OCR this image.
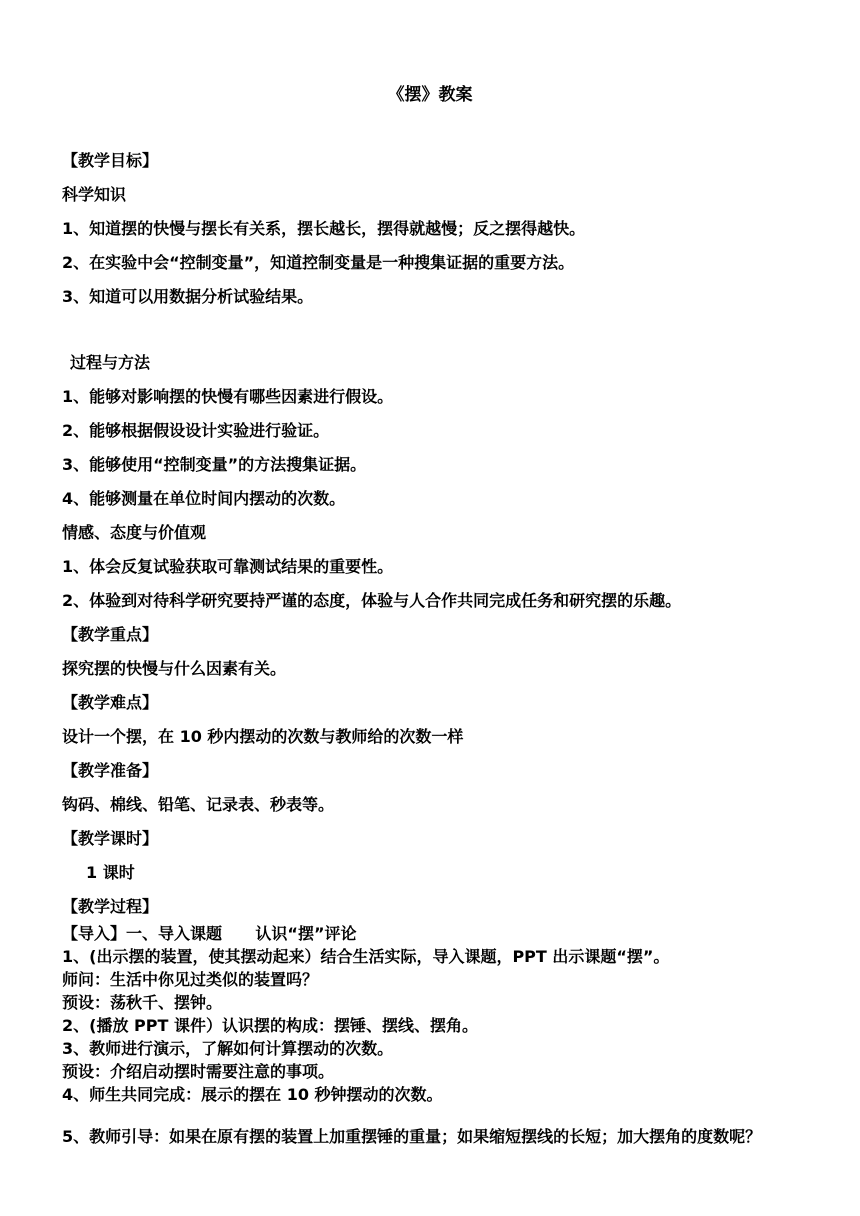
《摆》教案
【教学目标】
科学知识
1、知道摆的快慢与摆长有关系，摆长越长，摆得就越慢；反之摆得越快。
2、在实验中会“控制变量”，知道控制变量是一种搜集证据的重要方法。
3、知道可以用数据分析试验结果。
过程与方法
1、能够对影响摆的快慢有哪些因素进行假设。
2、能够根据假设设计实验进行验证。
3、能够使用“控制变量”的方法搜集证据。
4、能够测量在单位时间内摆动的次数。
情感、态度与价值观
1、体会反复试验获取可靠测试结果的重要性。
2、体验到对待科学研究要持严谨的态度，体验与人合作共同完成任务和研究摆的乐趣。
【教学重点】
探究摆的快慢与什么因素有关。
【教学难点】
设计一个摆，在 10 秒内摆动的次数与教师给的次数一样
【教学准备】
钩码、棉线、铅笔、记录表、秒表等。
【教学课时】
1 课时
【教学过程】
【导入】一、导入课题      认识“摆”评论
1、(出示摆的装置，使其摆动起来）结合生活实际，导入课题，PPT 出示课题“摆”。
师问：生活中你见过类似的装置吗？
预设：荡秋千、摆钟。
2、(播放 PPT 课件）认识摆的构成：摆锤、摆线、摆角。
3、教师进行演示，了解如何计算摆动的次数。
预设：介绍启动摆时需要注意的事项。
4、师生共同完成：展示的摆在 10 秒钟摆动的次数。
5、教师引导：如果在原有摆的装置上加重摆锤的重量；如果缩短摆线的长短；加大摆角的度数呢？
